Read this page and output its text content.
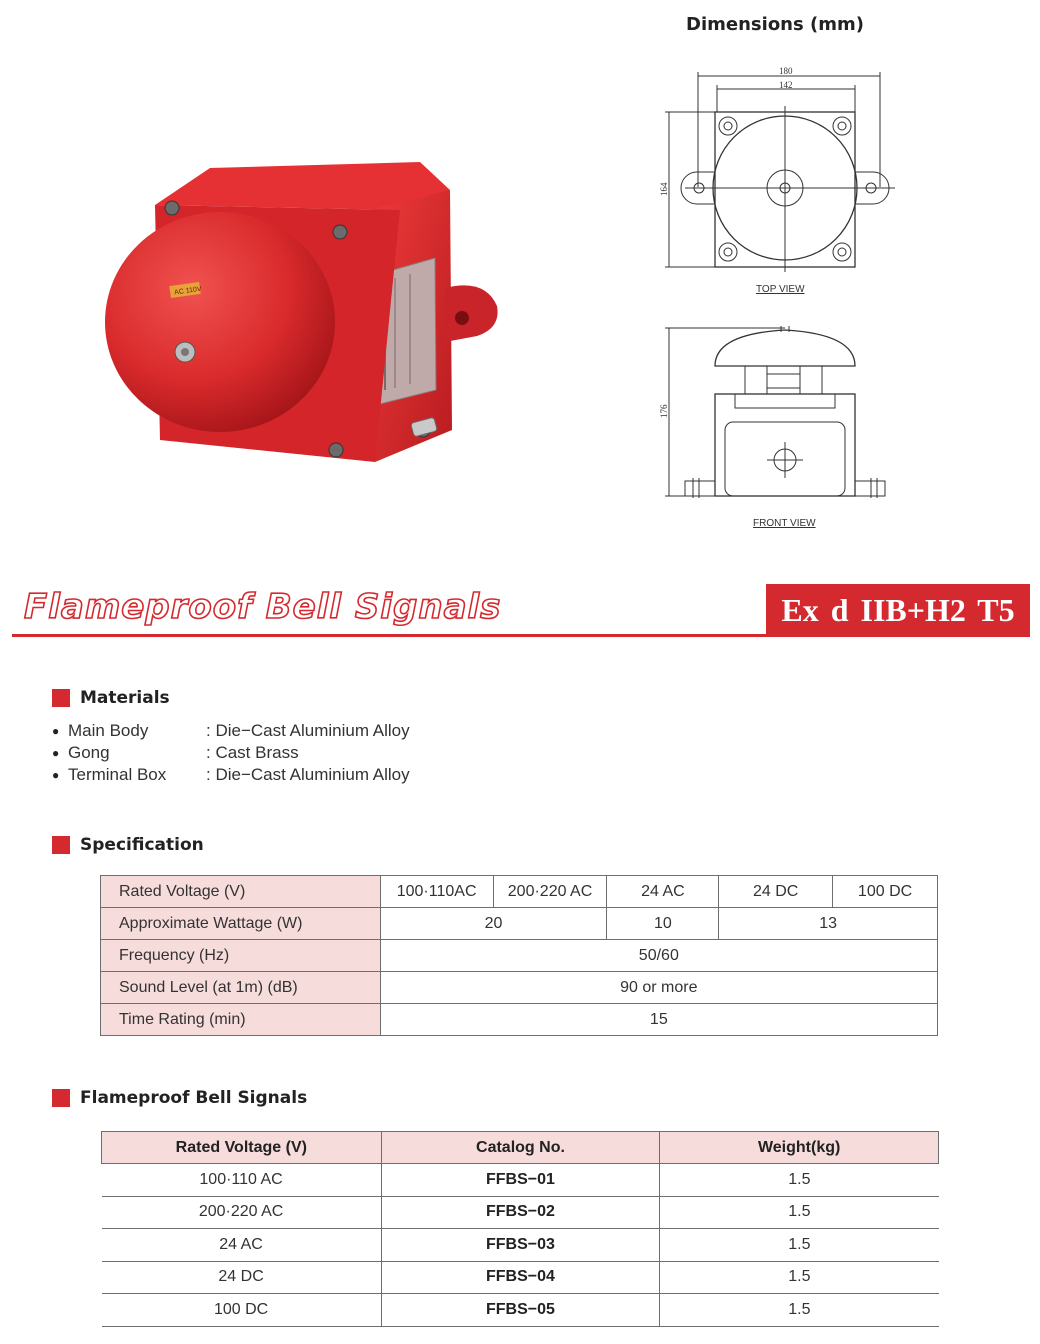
AC 110V
Dimensions (mm)
180
142
164
TOP VIEW
176
FRONT VIEW
Flameproof Bell Signals	Ex d IIB+H2 T5
Materials
● Main Body	: Die−Cast Aluminium Alloy
● Gong	: Cast Brass
● Terminal Box	: Die−Cast Aluminium Alloy
Specification
Rated Voltage (V)	100·110AC	200·220 AC	24 AC	24 DC	100 DC
Approximate Wattage (W)	20		10	13	
Frequency (Hz)	50/60				
Sound Level (at 1m) (dB)	90 or more				
Time Rating (min)	15				
Flameproof Bell Signals
Rated Voltage (V)	Catalog No.	Weight(kg)
100·110 AC	FFBS−01	1.5
200·220 AC	FFBS−02	1.5
24 AC	FFBS−03	1.5
24 DC	FFBS−04	1.5
100 DC	FFBS−05	1.5
